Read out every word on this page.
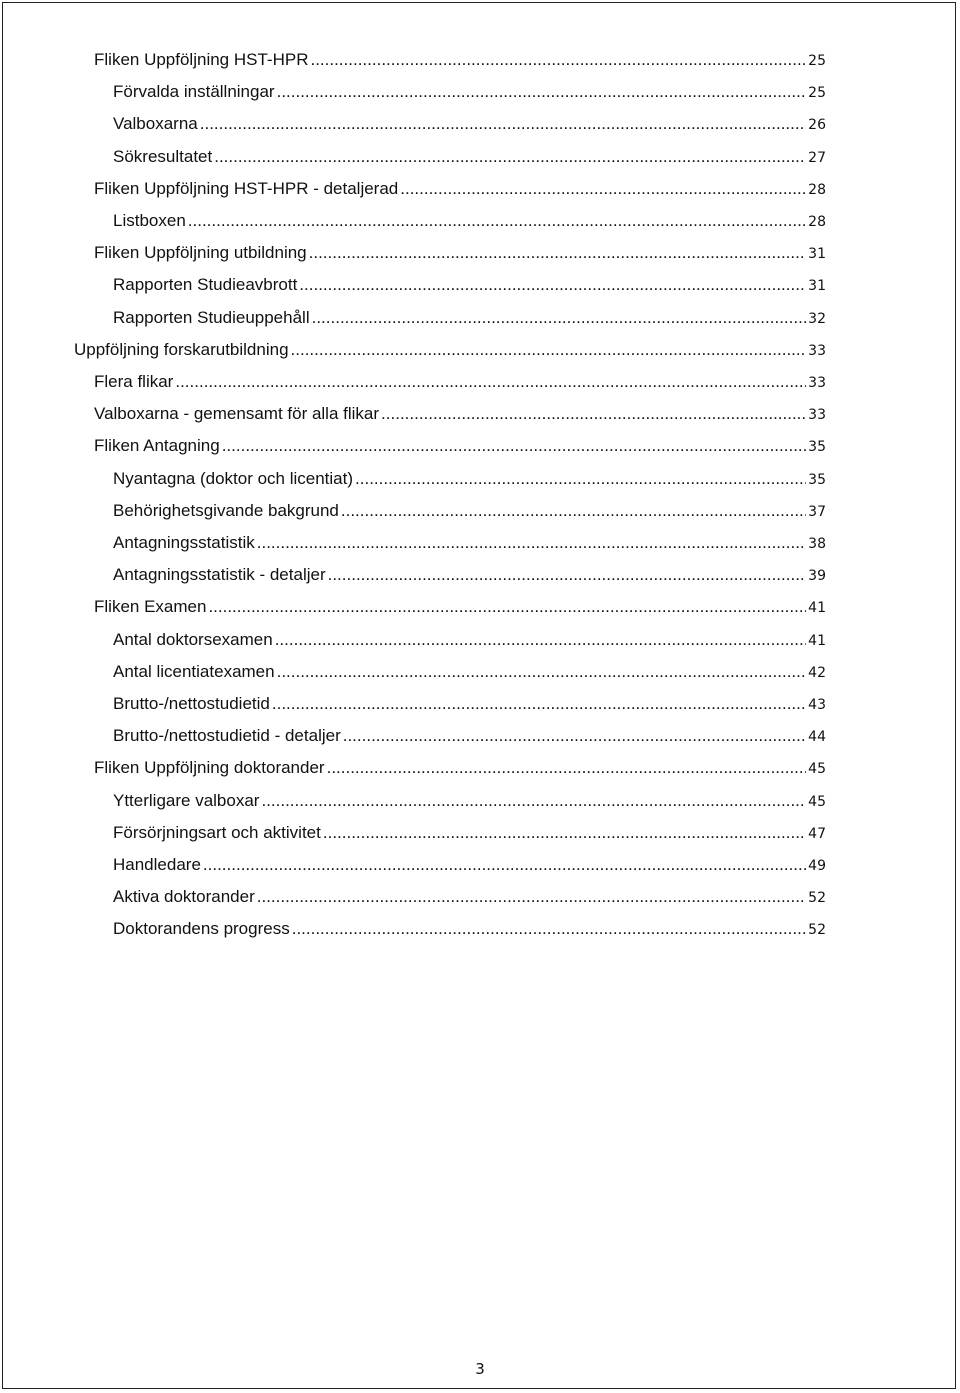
Fliken Uppföljning HST-HPR .....	25
Förvalda inställningar .....	25
Valboxarna .....	26
Sökresultatet .....	27
Fliken Uppföljning HST-HPR - detaljerad .....	28
Listboxen .....	28
Fliken Uppföljning utbildning .....	31
Rapporten Studieavbrott .....	31
Rapporten Studieuppehåll .....	32
Uppföljning forskarutbildning .....	33
Flera flikar .....	33
Valboxarna - gemensamt för alla flikar .....	33
Fliken Antagning .....	35
Nyantagna (doktor och licentiat) .....	35
Behörighetsgivande bakgrund .....	37
Antagningsstatistik .....	38
Antagningsstatistik - detaljer .....	39
Fliken Examen .....	41
Antal doktorsexamen .....	41
Antal licentiatexamen .....	42
Brutto-/nettostudietid .....	43
Brutto-/nettostudietid - detaljer .....	44
Fliken Uppföljning doktorander .....	45
Ytterligare valboxar .....	45
Försörjningsart och aktivitet .....	47
Handledare .....	49
Aktiva doktorander .....	52
Doktorandens progress .....	52
3
